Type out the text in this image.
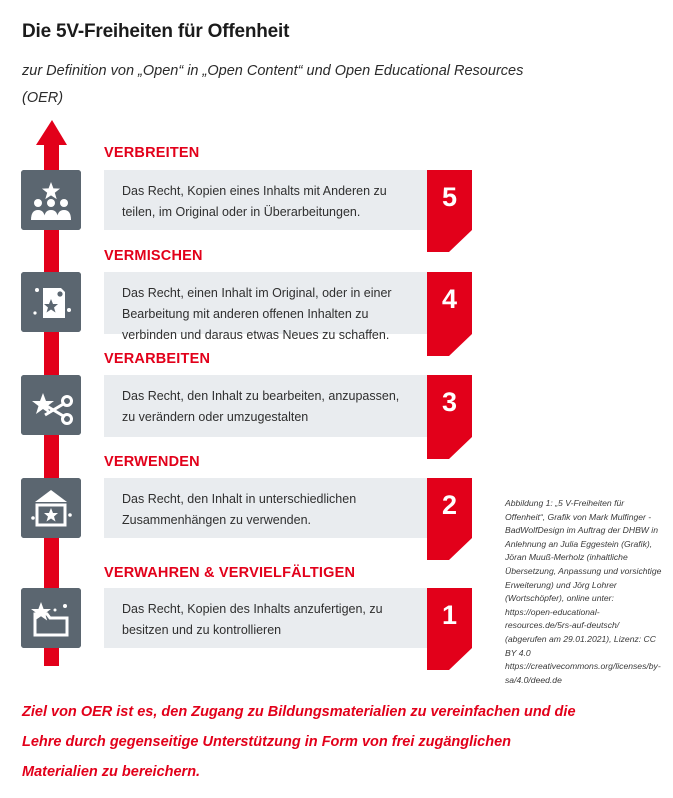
Die 5V-Freiheiten für Offenheit
zur Definition von „Open“ in „Open Content“ und Open Educational Resources (OER)
VERBREITEN
Das Recht, Kopien eines Inhalts mit Anderen zu teilen, im Original oder in Überarbeitungen.	5
VERMISCHEN
Das Recht, einen Inhalt im Original, oder in einer Bearbeitung mit anderen offenen Inhalten zu verbinden und daraus etwas Neues zu schaffen.
4
VERARBEITEN
Das Recht, den Inhalt zu bearbeiten, anzupassen, zu verändern oder umzugestalten	3
VERWENDEN
Das Recht, den Inhalt in unterschiedlichen Zusammenhängen zu verwenden.	2
VERWAHREN & VERVIELFÄLTIGEN
Das Recht, Kopien des Inhalts anzufertigen, zu besitzen und zu kontrollieren	1
Abbildung 1: „5 V-Freiheiten für Offenheit“, Grafik von Mark Mulfinger - BadWolfDesign im Auftrag der DHBW in Anlehnung an Julia Eggestein (Grafik), Jöran Muuß-Merholz (inhaltliche Übersetzung, Anpassung und vorsichtige Erweiterung) und Jörg Lohrer (Wortschöpfer), online unter: https://open-educational-resources.de/5rs-auf-deutsch/ (abgerufen am 29.01.2021), Lizenz: CC BY 4.0 https://creativecommons.org/licenses/by-sa/4.0/deed.de
Ziel von OER ist es, den Zugang zu Bildungsmaterialien zu vereinfachen und die Lehre durch gegenseitige Unterstützung in Form von frei zugänglichen Materialien zu bereichern.
